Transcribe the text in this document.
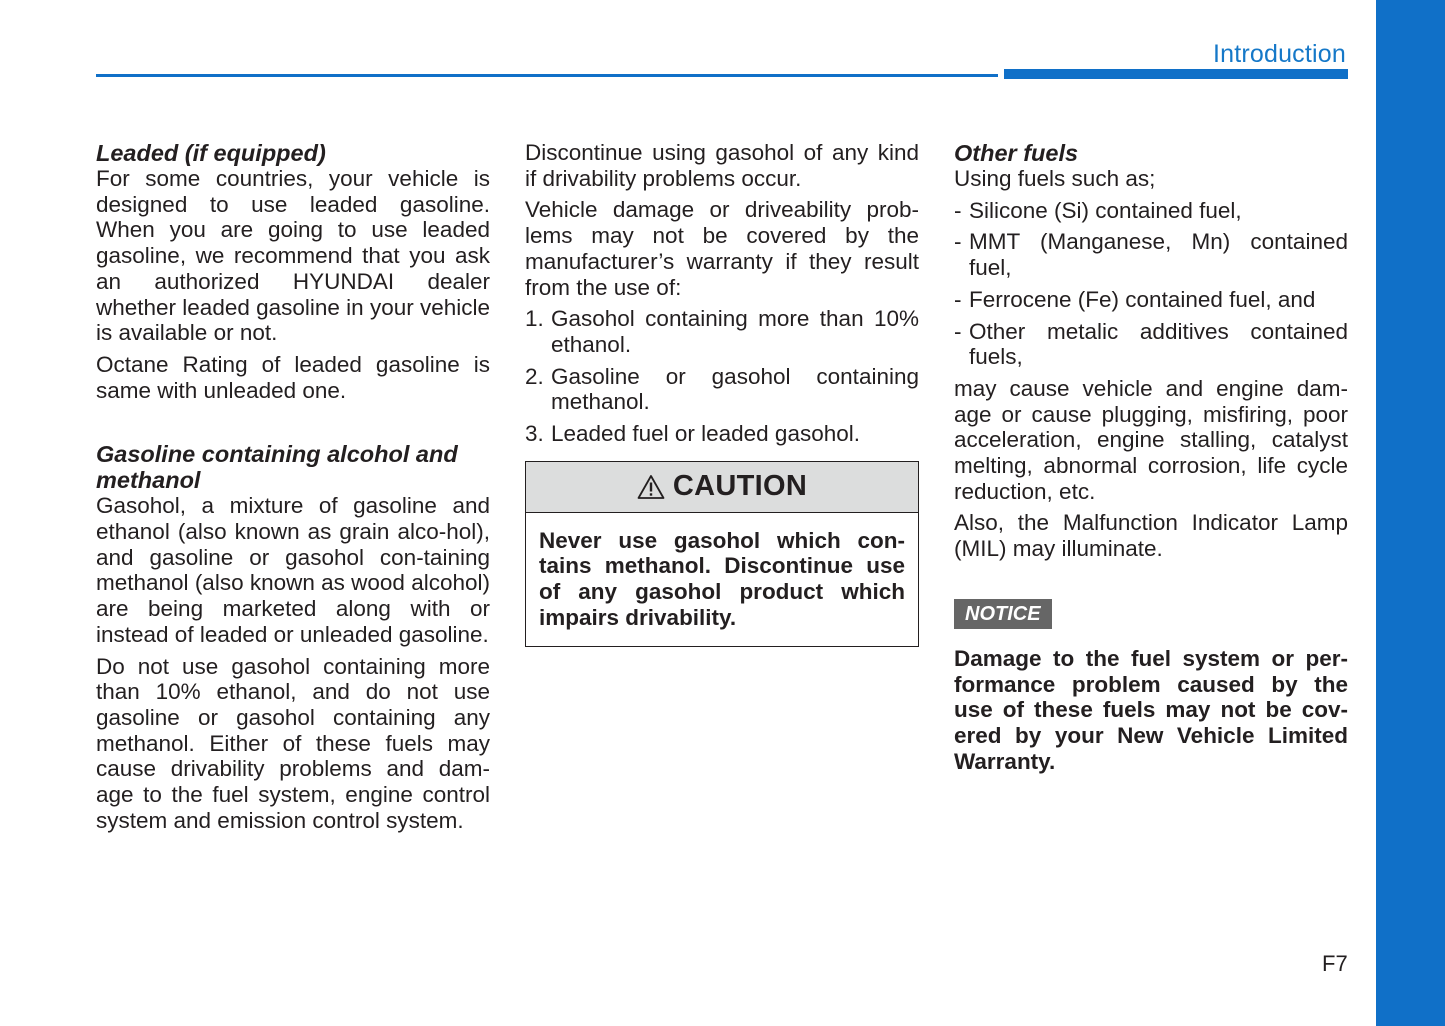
Introduction
Leaded (if equipped)

For some countries, your vehicle is designed to use leaded gasoline. When you are going to use leaded gasoline, we recommend that you ask an authorized HYUNDAI dealer whether leaded gasoline in your vehicle is available or not.

Octane Rating of leaded gasoline is same with unleaded one.

Gasoline containing alcohol and methanol

Gasohol, a mixture of gasoline and ethanol (also known as grain alco-hol), and gasoline or gasohol con-taining methanol (also known as wood alcohol) are being marketed along with or instead of leaded or unleaded gasoline.

Do not use gasohol containing more than 10% ethanol, and do not use gasoline or gasohol containing any methanol. Either of these fuels may cause drivability problems and dam-age to the fuel system, engine control system and emission control system.

Discontinue using gasohol of any kind if drivability problems occur.

Vehicle damage or driveability prob-lems may not be covered by the manufacturer’s warranty if they result from the use of:

1. Gasohol containing more than 10% ethanol.
2. Gasoline or gasohol containing methanol.
3. Leaded fuel or leaded gasohol.
CAUTION
Never use gasohol which con-tains methanol. Discontinue use of any gasohol product which impairs drivability.
Other fuels

Using fuels such as;

- Silicone (Si) contained fuel,
- MMT (Manganese, Mn) contained fuel,
- Ferrocene (Fe) contained fuel, and
- Other metalic additives contained fuels,

may cause vehicle and engine dam-age or cause plugging, misfiring, poor acceleration, engine stalling, catalyst melting, abnormal corrosion, life cycle reduction, etc.

Also, the Malfunction Indicator Lamp (MIL) may illuminate.

NOTICE

Damage to the fuel system or per-formance problem caused by the use of these fuels may not be cov-ered by your New Vehicle Limited Warranty.

F7
